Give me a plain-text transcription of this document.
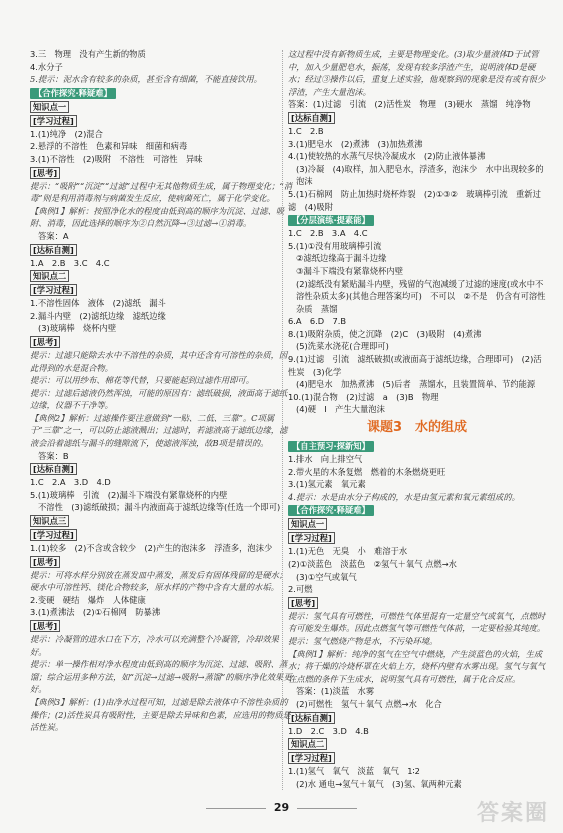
3.三　物理　没有产生新的物质
4.水分子
5.提示：泥水含有较多的杂质，甚至含有细菌，不能直接饮用。
【合作探究·释疑难】
知识点一
[学习过程]
1.(1)纯净　(2)混合
2.悬浮的不溶性　色素和异味　细菌和病毒
3.(1)不溶性　(2)吸附　不溶性　可溶性　异味
[思考]
提示：“吸附”“沉淀”“过滤”过程中无其他物质生成，属于物理变化；“消毒”则是利用消毒剂与病菌发生反应，使病菌死亡，属于化学变化。
【典例1】解析：按照净化水的程度由低到高的顺序为沉淀、过滤、吸附、消毒，因此选择的顺序为②自然沉降→③过滤→①消毒。
答案：A
[达标自测]
1.A　2.B　3.C　4.C
知识点二
[学习过程]
1.不溶性固体　液体　(2)滤纸　漏斗
2.漏斗内壁　(2)滤纸边缘　滤纸边缘
(3)玻璃棒　烧杯内壁
[思考]
提示：过滤只能除去水中不溶性的杂质，其中还含有可溶性的杂质，因此得到的水是混合物。
提示：可以用纱布、棉花等代替，只要能起到过滤作用即可。
提示：过滤后滤液仍然浑浊，可能的原因有：滤纸破损，液面高于滤纸边缘，仪器不干净等。
【典例2】解析：过滤操作要注意做到“一贴、二低、三靠”。C项属于“三靠”之一，可以防止滤液溅出；过滤时，若滤液高于滤纸边缘，滤液会沿着滤纸与漏斗的缝隙流下，使滤液浑浊，故B项是错误的。
答案：B
[达标自测]
1.C　2.A　3.D　4.D
5.(1)玻璃棒　引流　(2)漏斗下端没有紧靠烧杯的内壁
不溶性　(3)滤纸破损；漏斗内液面高于滤纸边缘等(任选一个即可)
知识点三
[学习过程]
1.(1)较多　(2)不含或含较少　(2)产生的泡沫多　浮渣多，泡沫少
[思考]
提示：可将水样分别放在蒸发皿中蒸发，蒸发后有固体残留的是硬水；硬水中可溶性钙、镁化合物较多，原水样的产物中含有大量的水垢。
2.变硬　硬结　爆炸　人体健康
3.(1)煮沸法　(2)①石棉网　防暴沸
[思考]
提示：冷凝管的进水口在下方，冷水可以充满整个冷凝管，冷却效果好。
提示：单一操作相对净水程度由低到高的顺序为沉淀、过滤、吸附、蒸馏；综合运用多种方法，如“沉淀→过滤→吸附→蒸馏”的顺序净化效果更好。
【典例3】解析：(1)由净水过程可知，过滤是除去液体中不溶性杂质的操作；(2)活性炭具有吸附性，主要是除去异味和色素，应选用的物质是活性炭。
这过程中没有新物质生成，主要是物理变化。(3)取少量液体D于试管中，加入少量肥皂水，振荡，发现有较多浮渣产生，说明液体D是硬水；经过③操作以后，重复上述实验，他观察到的现象是没有或有很少浮渣，产生大量泡沫。
答案：(1)过滤　引流　(2)活性炭　物理　(3)硬水　蒸馏　纯净物
[达标自测]
1.C　2.B
3.(1)肥皂水　(2)煮沸　(3)加热煮沸
4.(1)使较热的水蒸气尽快冷凝成水　(2)防止液体暴沸
(3)冷凝　(4)取样，加入肥皂水，浮渣多，泡沫少　水中出现较多的泡沫
5.(1)石棉网　防止加热时烧杯炸裂　(2)①③②　玻璃棒引流　重新过滤　(4)吸附
【分层演练·提素能】
1.C　2.B　3.A　4.C
5.(1)①没有用玻璃棒引流
②滤纸边缘高于漏斗边缘
③漏斗下端没有紧靠烧杯内壁
(2)滤纸没有紧贴漏斗内壁，残留的气泡减缓了过滤的速度(或水中不溶性杂质太多)(其他合理答案均可)　不可以　②不是　仍含有可溶性杂质　蒸馏
6.A　6.D　7.B
8.(1)吸附杂质，使之沉降　(2)C　(3)吸附　(4)煮沸
(5)洗菜水浇花(合理即可)
9.(1)过滤　引流　滤纸破损(或液面高于滤纸边缘，合理即可)　(2)活性炭　(3)化学
(4)肥皂水　加热煮沸　(5)后者　蒸馏水，且装置简单、节约能源
10.(1)混合物　(2)过滤　a　(3)B　物理
(4)硬　Ⅰ　产生大量泡沫
课题3　水的组成
【自主预习·探新知】
1.排水　向上排空气
2.带火星的木条复燃　燃着的木条燃烧更旺
3.(1)氢元素　氧元素
4.提示：水是由水分子构成的，水是由氢元素和氧元素组成的。
【合作探究·释疑难】
知识点一
[学习过程]
1.(1)无色　无臭　小　难溶于水
(2)①淡蓝色　淡蓝色　②氢气＋氧气 点燃→水
(3)①空气或氧气
2.可燃
[思考]
提示：氢气具有可燃性，可燃性气体里混有一定量空气或氧气，点燃时有可能发生爆炸。因此点燃氢气等可燃性气体前，一定要检验其纯度。
提示：氢气燃烧产物是水，不污染环境。
【典例1】解析：纯净的氢气在空气中燃烧，产生淡蓝色的火焰，生成水；将干燥的冷烧杯罩在火焰上方，烧杯内壁有水雾出现。氢气与氧气在点燃的条件下生成水，说明氢气具有可燃性，属于化合反应。
答案：(1)淡蓝　水雾
(2)可燃性　氢气＋氧气 点燃→水　化合
[达标自测]
1.D　2.C　3.D　4.B
知识点二
[学习过程]
1.(1)氢气　氧气　淡蓝　氧气　1∶2
(2)水 通电→氢气＋氧气　(3)氢、氧两种元素
29	答案圈
